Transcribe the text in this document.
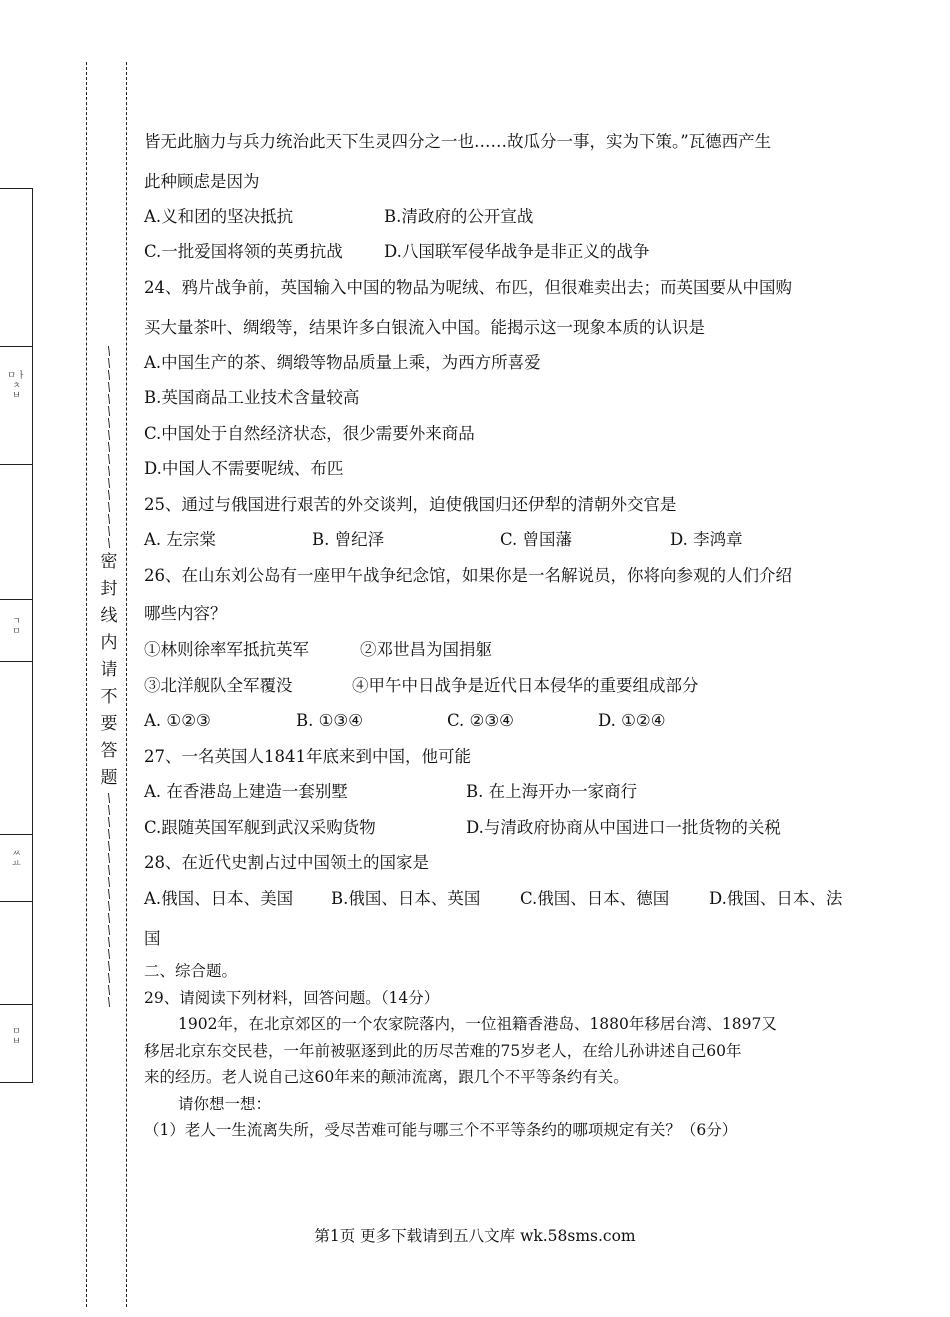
ㅁㅏ ㅊ ㅂ
ㄱ ㅁ
ㅆ ㅛ
ㅁ ㅂ
\
\
\
\
\
\
\
\
\
\
\
\
\
\
\
\
\
密
封
线
内
请
不
要
答
题
\
\
\
\
\
\
\
\
\
\
\
\
\
\
\
\
\
\
皆无此脑力与兵力统治此天下生灵四分之一也……故瓜分一事，实为下策。”瓦德西产生
此种顾虑是因为
A.义和团的坚决抵抗	B.清政府的公开宣战
C.一批爱国将领的英勇抗战 D.八国联军侵华战争是非正义的战争
24、鸦片战争前，英国输入中国的物品为呢绒、布匹，但很难卖出去；而英国要从中国购
买大量茶叶、绸缎等，结果许多白银流入中国。能揭示这一现象本质的认识是
A.中国生产的茶、绸缎等物品质量上乘，为西方所喜爱
B.英国商品工业技术含量较高
C.中国处于自然经济状态，很少需要外来商品
D.中国人不需要呢绒、布匹
25、通过与俄国进行艰苦的外交谈判，迫使俄国归还伊犁的清朝外交官是
A. 左宗棠	B. 曾纪泽	C. 曾国藩	D. 李鸿章
26、在山东刘公岛有一座甲午战争纪念馆，如果你是一名解说员，你将向参观的人们介绍
哪些内容？
①林则徐率军抵抗英军	②邓世昌为国捐躯
③北洋舰队全军覆没	④甲午中日战争是近代日本侵华的重要组成部分
A. ①②③	B. ①③④	C. ②③④	D. ①②④
27、一名英国人1841年底来到中国，他可能
A. 在香港岛上建造一套别墅	B. 在上海开办一家商行
C.跟随英国军舰到武汉采购货物	D.与清政府协商从中国进口一批货物的关税
28、在近代史割占过中国领土的国家是
A.俄国、日本、美国 B.俄国、日本、英国 C.俄国、日本、德国 D.俄国、日本、法
国
二、综合题。
29、请阅读下列材料，回答问题。（14分）
1902年，在北京郊区的一个农家院落内，一位祖籍香港岛、1880年移居台湾、1897又
移居北京东交民巷，一年前被驱逐到此的历尽苦难的75岁老人，在给儿孙讲述自己60年
来的经历。老人说自己这60年来的颠沛流离，跟几个不平等条约有关。
请你想一想：
（1）老人一生流离失所，受尽苦难可能与哪三个不平等条约的哪项规定有关？（6分）
第1页 更多下载请到五八文库 wk.58sms.com
